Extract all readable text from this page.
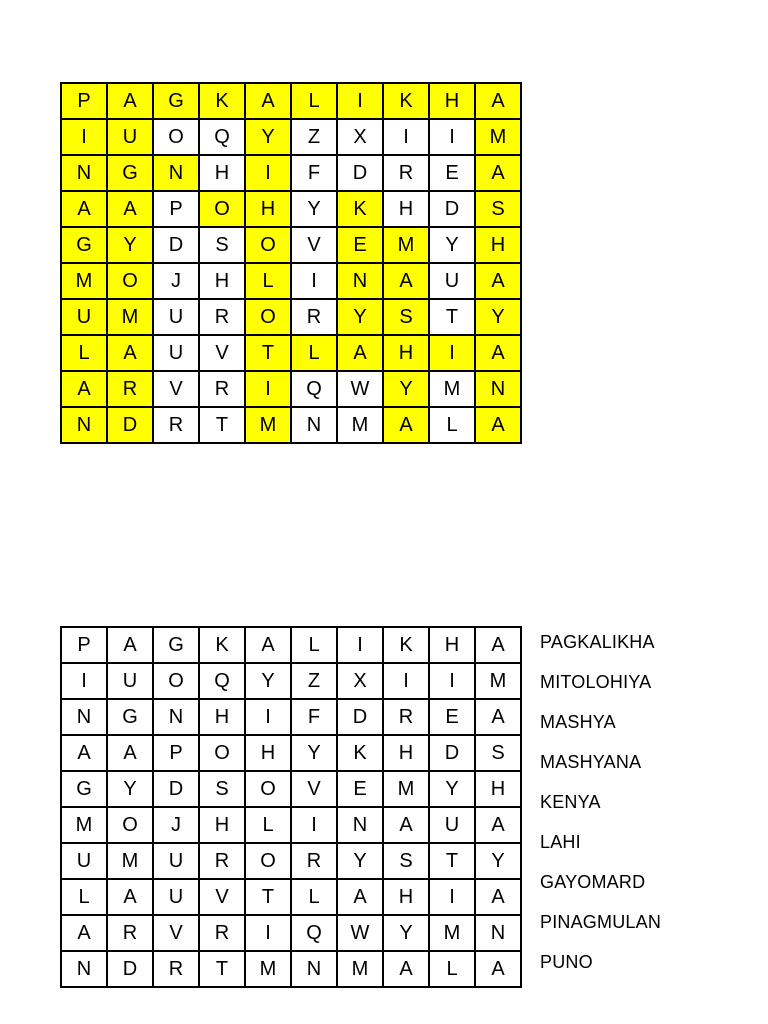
P	A	G	K	A	L	I	K	H	A
I	U	O	Q	Y	Z	X	I	I	M
N	G	N	H	I	F	D	R	E	A
A	A	P	O	H	Y	K	H	D	S
G	Y	D	S	O	V	E	M	Y	H
M	O	J	H	L	I	N	A	U	A
U	M	U	R	O	R	Y	S	T	Y
L	A	U	V	T	L	A	H	I	A
A	R	V	R	I	Q	W	Y	M	N
N	D	R	T	M	N	M	A	L	A
P	A	G	K	A	L	I	K	H	A
I	U	O	Q	Y	Z	X	I	I	M
N	G	N	H	I	F	D	R	E	A
A	A	P	O	H	Y	K	H	D	S
G	Y	D	S	O	V	E	M	Y	H
M	O	J	H	L	I	N	A	U	A
U	M	U	R	O	R	Y	S	T	Y
L	A	U	V	T	L	A	H	I	A
A	R	V	R	I	Q	W	Y	M	N
N	D	R	T	M	N	M	A	L	A
PAGKALIKHA
MITOLOHIYA
MASHYA
MASHYANA
KENYA
LAHI
GAYOMARD
PINAGMULAN
PUNO
